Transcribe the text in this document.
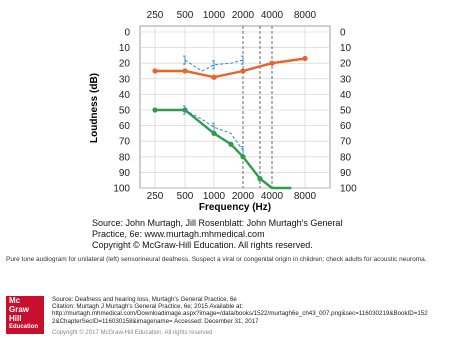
0	0
10	10
20	20
30	30
40	40
50	50
60	60
70	70
80	80
90	90
100	100
250
250
500
500
1000
1000
2000
2000
4000
4000
8000
8000
Loudness (dB)
Frequency (Hz)
Source: John Murtagh, Jill Rosenblatt: John Murtagh's General
Practice, 6e: www.murtagh.mhmedical.com
Copyright © McGraw-Hill Education. All rights reserved.
Pure tone audiogram for unilateral (left) sensorineural deafness. Suspect a viral or congenital origin in children; check adults for acoustic neuroma.
Mc
Graw
Hill
Education
Source: Deafness and hearing loss, Murtagh's General Practice, 6e
Citation: Murtagh J Murtagh's General Practice, 6e; 2015 Available at:
http://murtagh.mhmedical.com/Downloadimage.aspx?image=/data/books/1522/murtagh6e_ch43_007.png&sec=116030219&BookID=152
2&ChapterSecID=116030158&imagename= Accessed: December 31, 2017
Copyright © 2017 McGraw-Hill Education. All rights reserved
